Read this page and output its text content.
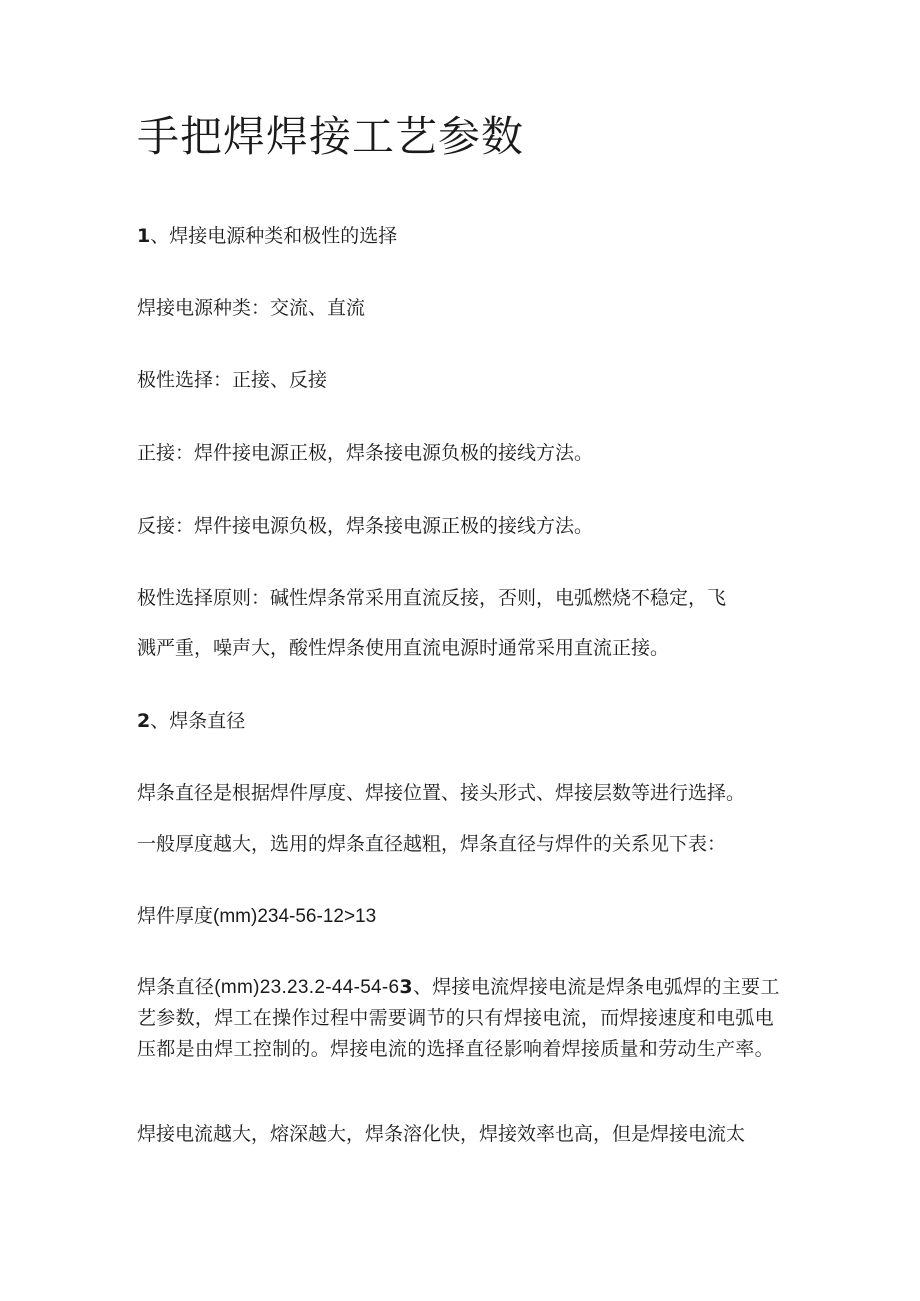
手把焊焊接工艺参数

1、焊接电源种类和极性的选择

焊接电源种类：交流、直流

极性选择：正接、反接

正接：焊件接电源正极，焊条接电源负极的接线方法。

反接：焊件接电源负极，焊条接电源正极的接线方法。

极性选择原则：碱性焊条常采用直流反接，否则，电弧燃烧不稳定，飞

溅严重，噪声大，酸性焊条使用直流电源时通常采用直流正接。

2、焊条直径

焊条直径是根据焊件厚度、焊接位置、接头形式、焊接层数等进行选择。

一般厚度越大，选用的焊条直径越粗，焊条直径与焊件的关系见下表：

焊件厚度(mm)234-56-12>13

焊条直径(mm)23.23.2-44-54-63、焊接电流焊接电流是焊条电弧焊的主要工艺参数，焊工在操作过程中需要调节的只有焊接电流，而焊接速度和电弧电压都是由焊工控制的。焊接电流的选择直径影响着焊接质量和劳动生产率。

焊接电流越大，熔深越大，焊条溶化快，焊接效率也高，但是焊接电流太
